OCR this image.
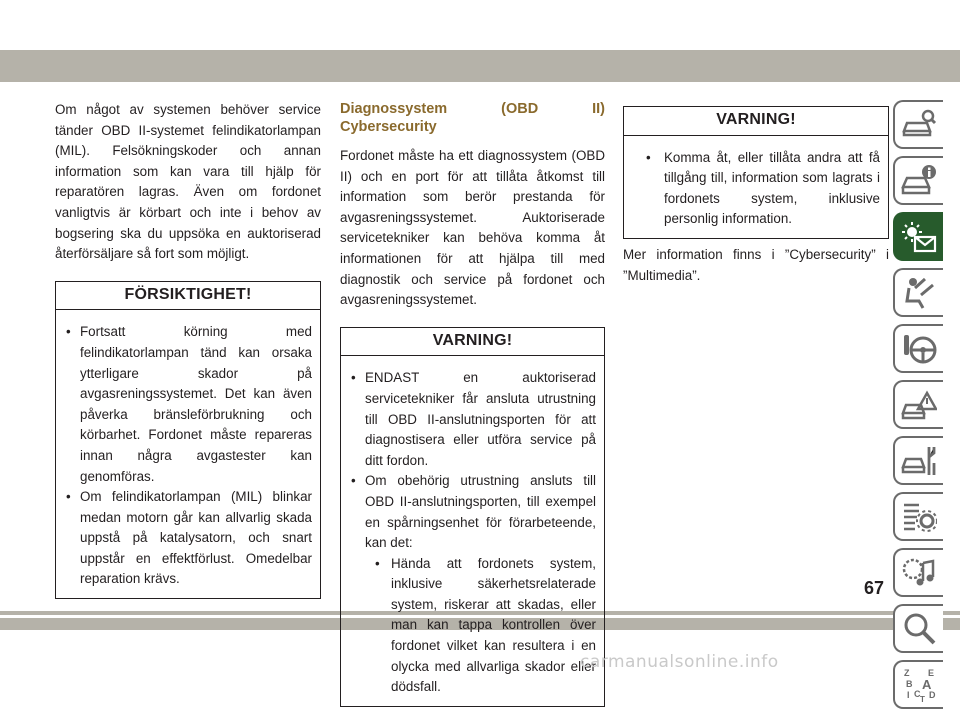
Om något av systemen behöver service tänder OBD II-systemet felindikatorlampan (MIL). Felsökningskoder och annan information som kan vara till hjälp för reparatören lagras. Även om fordonet vanligtvis är körbart och inte i behov av bogsering ska du uppsöka en auktoriserad återförsäljare så fort som möjligt.

FÖRSIKTIGHET!
• Fortsatt körning med felindikatorlampan tänd kan orsaka ytterligare skador på avgasreningssystemet. Det kan även påverka bränsleförbrukning och körbarhet. Fordonet måste repareras innan några avgastester kan genomföras.
• Om felindikatorlampan (MIL) blinkar medan motorn går kan allvarlig skada uppstå på katalysatorn, och snart uppstår en effektförlust. Omedelbar reparation krävs.
Diagnossystem (OBD II) Cybersecurity

Fordonet måste ha ett diagnossystem (OBD II) och en port för att tillåta åtkomst till information som berör prestanda för avgasreningssystemet. Auktoriserade servicetekniker kan behöva komma åt informationen för att hjälpa till med diagnostik och service på fordonet och avgasreningssystemet.

VARNING!
• ENDAST en auktoriserad servicetekniker får ansluta utrustning till OBD II-anslutningsporten för att diagnostisera eller utföra service på ditt fordon.
• Om obehörig utrustning ansluts till OBD II-anslutningsporten, till exempel en spårningsenhet för förarbeteende, kan det:
• Hända att fordonets system, inklusive säkerhetsrelaterade system, riskerar att skadas, eller man kan tappa kontrollen över fordonet vilket kan resultera i en olycka med allvarliga skador eller dödsfall.
VARNING!
• Komma åt, eller tillåta andra att få tillgång till, information som lagrats i fordonets system, inklusive personlig information.

Mer information finns i ”Cybersecurity” i ”Multimedia”.

Z E
B A
I C D
T
67
carmanualsonline.info
